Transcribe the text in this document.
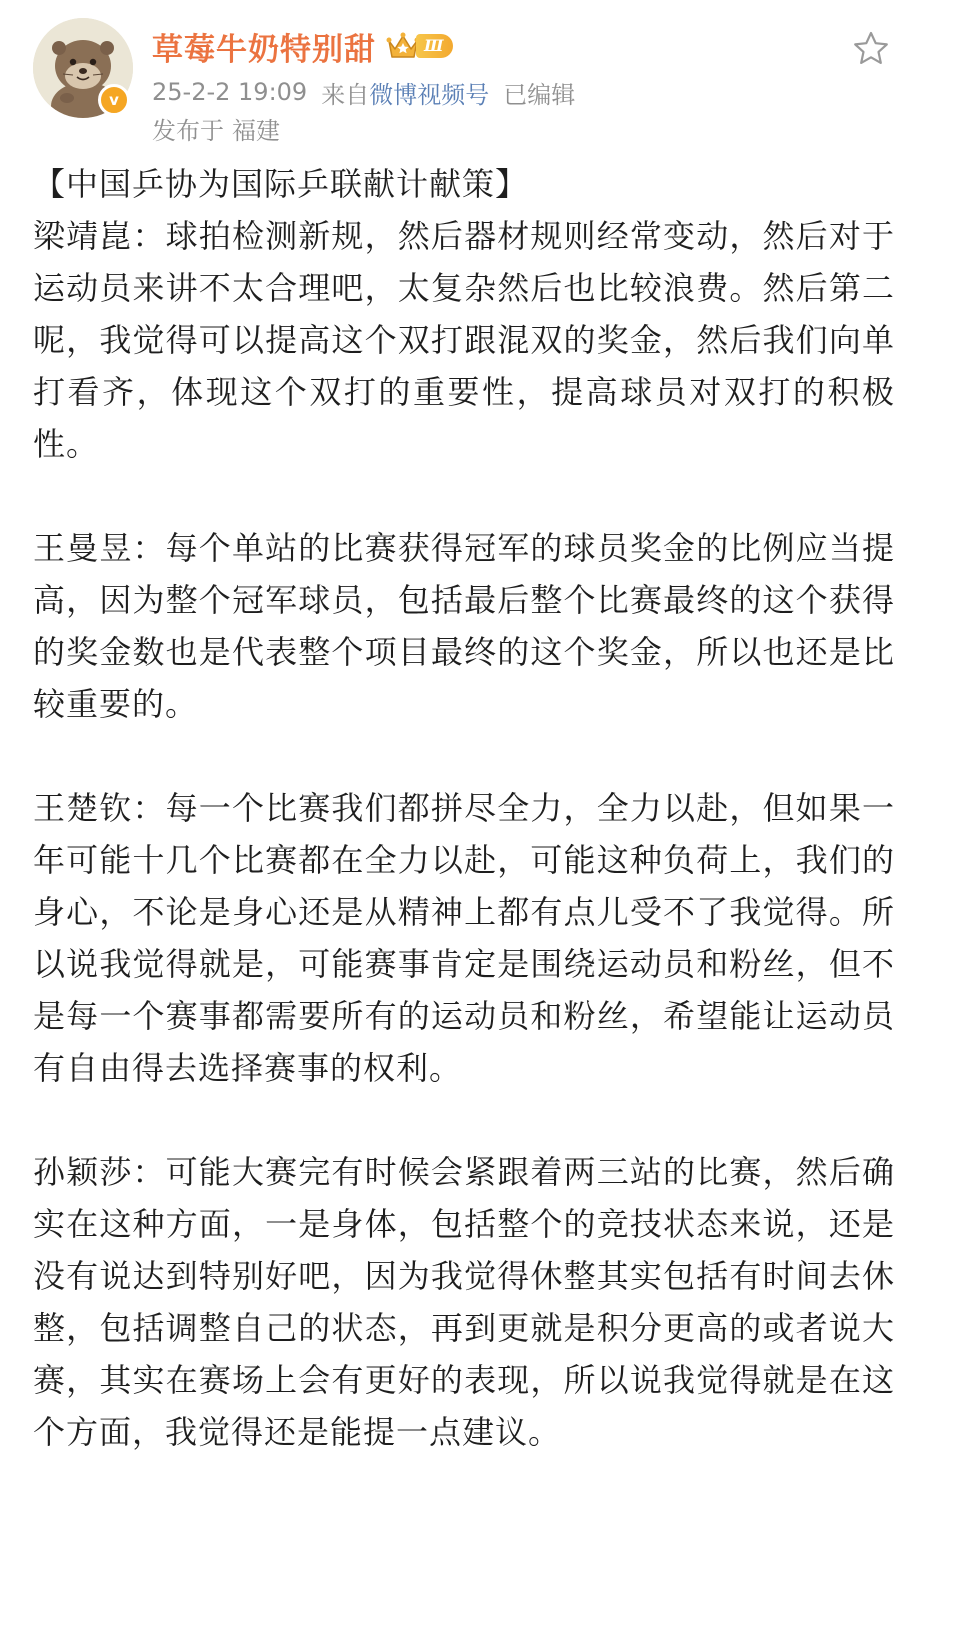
v
草莓牛奶特别甜	Ⅲ
25-2-2 19:09 来自 微博视频号 已编辑
发布于 福建
【中国乒协为国际乒联献计献策】
梁靖崑：球拍检测新规，然后器材规则经常变动，然后对于运动员来讲不太合理吧，太复杂然后也比较浪费。然后第二呢，我觉得可以提高这个双打跟混双的奖金，然后我们向单打看齐，体现这个双打的重要性，提高球员对双打的积极性。
王曼昱：每个单站的比赛获得冠军的球员奖金的比例应当提高，因为整个冠军球员，包括最后整个比赛最终的这个获得的奖金数也是代表整个项目最终的这个奖金，所以也还是比较重要的。
王楚钦：每一个比赛我们都拼尽全力，全力以赴，但如果一年可能十几个比赛都在全力以赴，可能这种负荷上，我们的身心，不论是身心还是从精神上都有点儿受不了我觉得。所以说我觉得就是，可能赛事肯定是围绕运动员和粉丝，但不是每一个赛事都需要所有的运动员和粉丝，希望能让运动员有自由得去选择赛事的权利。
孙颖莎：可能大赛完有时候会紧跟着两三站的比赛，然后确实在这种方面，一是身体，包括整个的竞技状态来说，还是没有说达到特别好吧，因为我觉得休整其实包括有时间去休整，包括调整自己的状态，再到更就是积分更高的或者说大赛，其实在赛场上会有更好的表现，所以说我觉得就是在这个方面，我觉得还是能提一点建议。
